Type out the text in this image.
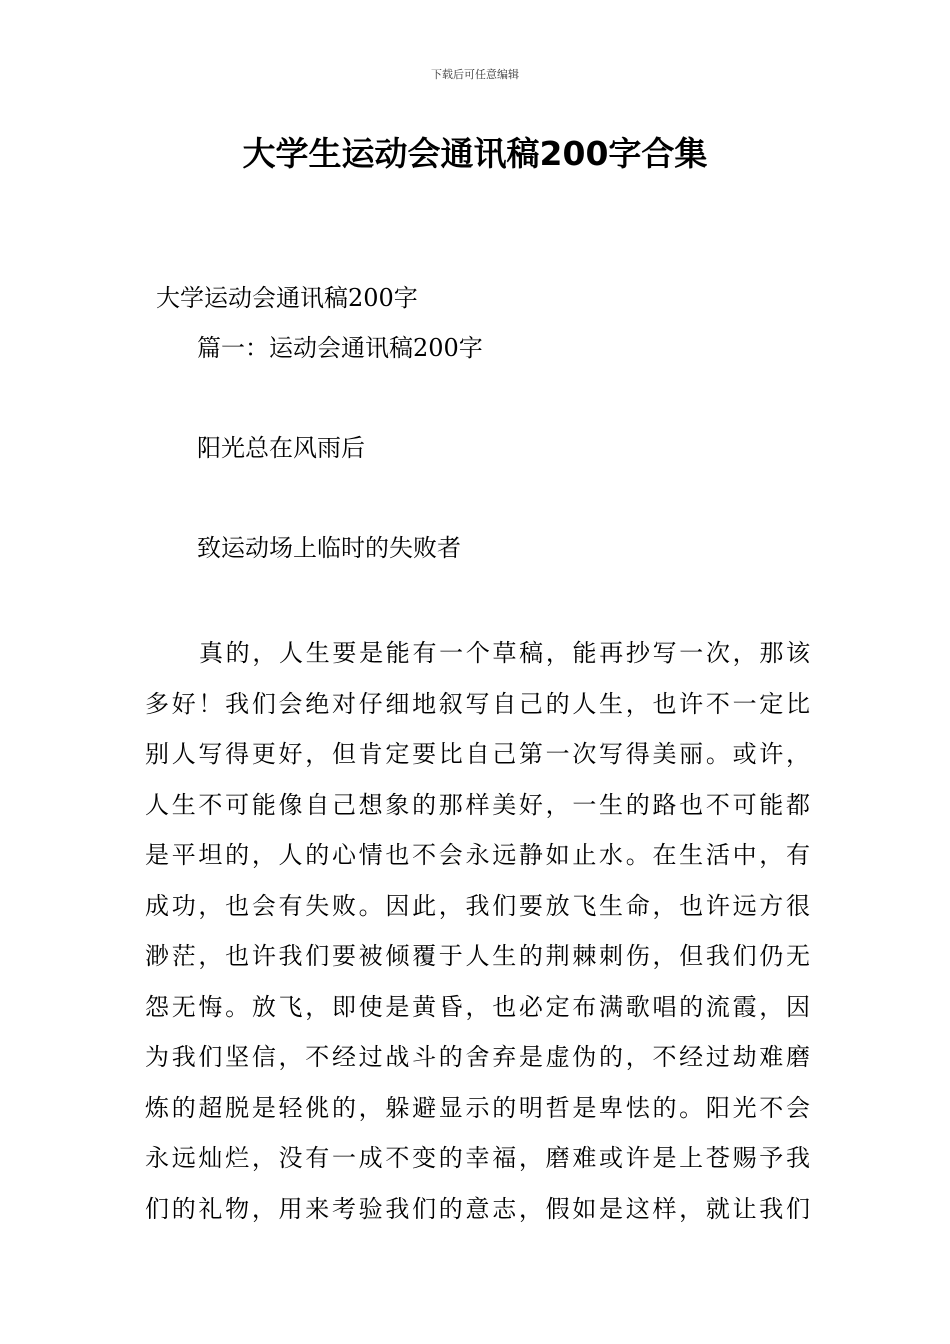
下载后可任意编辑
大学生运动会通讯稿200字合集
大学运动会通讯稿200字
篇一：运动会通讯稿200字
阳光总在风雨后
致运动场上临时的失败者
真的，人生要是能有一个草稿，能再抄写一次，那该
多好！我们会绝对仔细地叙写自己的人生，也许不一定比
别人写得更好，但肯定要比自己第一次写得美丽。或许，
人生不可能像自己想象的那样美好，一生的路也不可能都
是平坦的，人的心情也不会永远静如止水。在生活中，有
成功，也会有失败。因此，我们要放飞生命，也许远方很
渺茫，也许我们要被倾覆于人生的荆棘刺伤，但我们仍无
怨无悔。放飞，即使是黄昏，也必定布满歌唱的流霞，因
为我们坚信，不经过战斗的舍弃是虚伪的，不经过劫难磨
炼的超脱是轻佻的，躲避显示的明哲是卑怯的。阳光不会
永远灿烂，没有一成不变的幸福，磨难或许是上苍赐予我
们的礼物，用来考验我们的意志，假如是这样，就让我们
